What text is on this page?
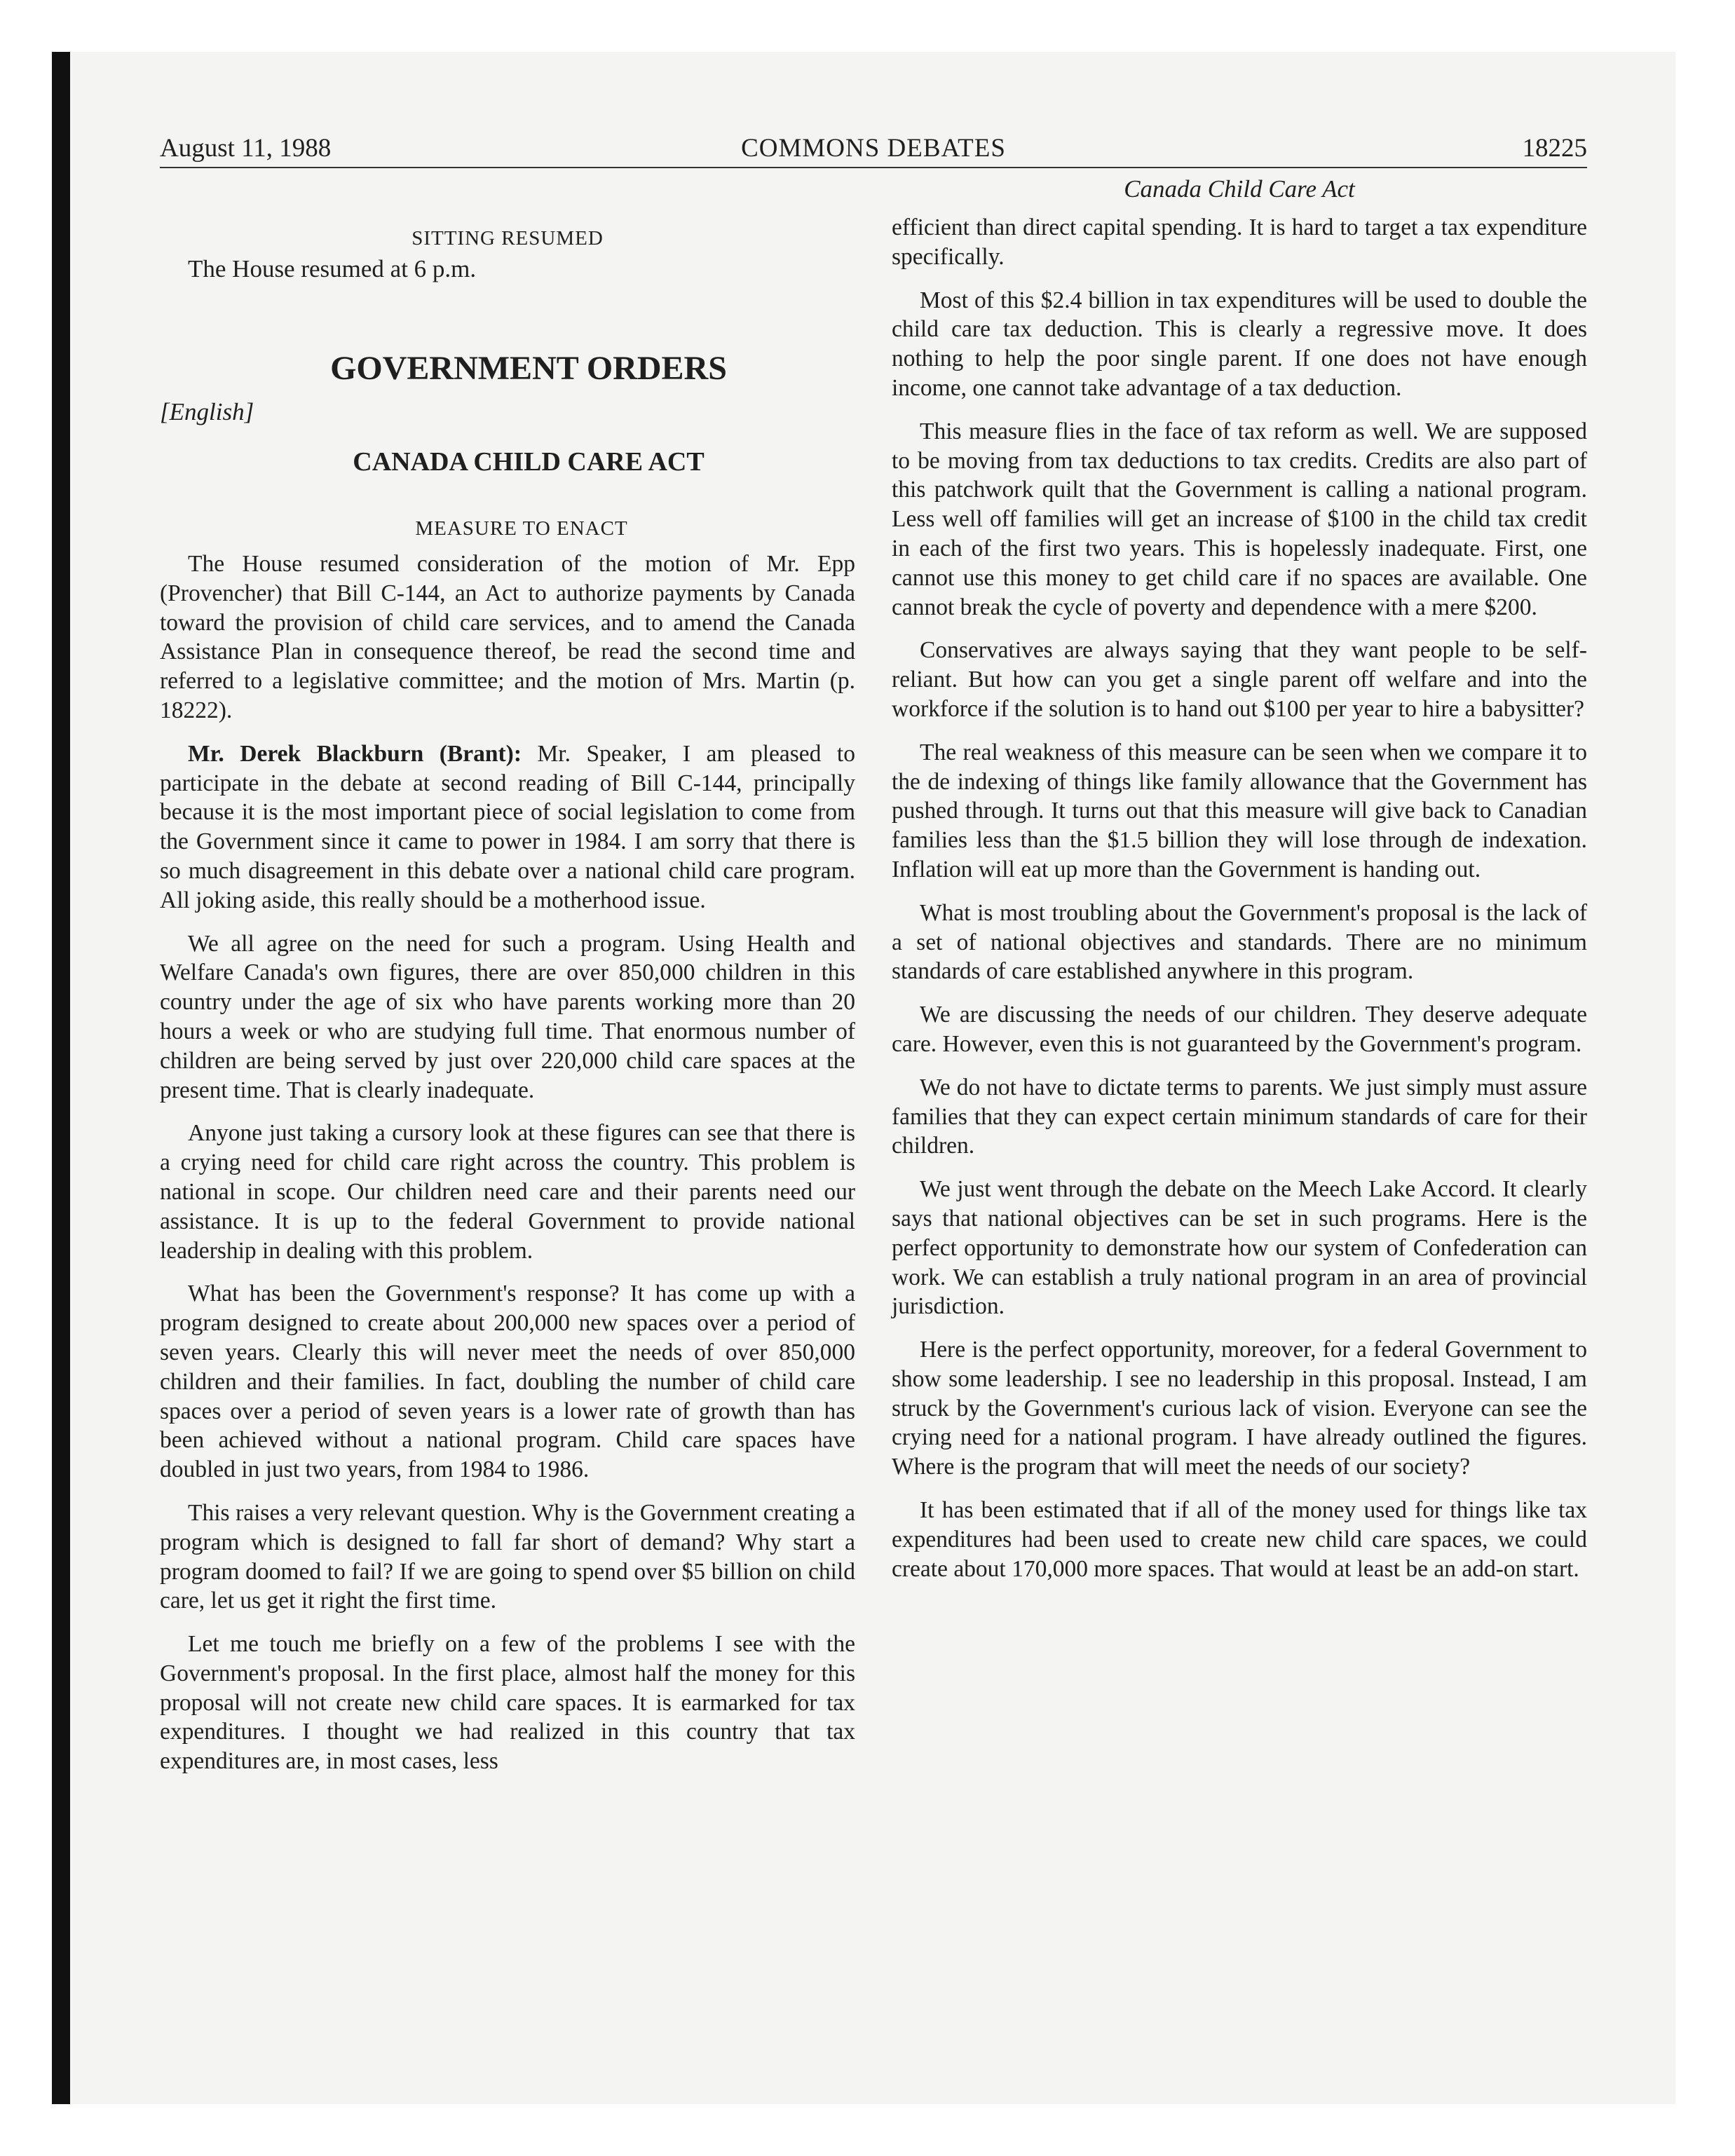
August 11, 1988	COMMONS DEBATES	18225
SITTING RESUMED
The House resumed at 6 p.m.
GOVERNMENT ORDERS
[English]
CANADA CHILD CARE ACT
MEASURE TO ENACT

The House resumed consideration of the motion of Mr. Epp (Provencher) that Bill C-144, an Act to authorize payments by Canada toward the provision of child care services, and to amend the Canada Assistance Plan in consequence thereof, be read the second time and referred to a legislative committee; and the motion of Mrs. Martin (p. 18222).

Mr. Derek Blackburn (Brant): Mr. Speaker, I am pleased to participate in the debate at second reading of Bill C-144, principally because it is the most important piece of social legislation to come from the Government since it came to power in 1984. I am sorry that there is so much disagreement in this debate over a national child care program. All joking aside, this really should be a motherhood issue.

We all agree on the need for such a program. Using Health and Welfare Canada's own figures, there are over 850,000 children in this country under the age of six who have parents working more than 20 hours a week or who are studying full time. That enormous number of children are being served by just over 220,000 child care spaces at the present time. That is clearly inadequate.

Anyone just taking a cursory look at these figures can see that there is a crying need for child care right across the country. This problem is national in scope. Our children need care and their parents need our assistance. It is up to the federal Government to provide national leadership in dealing with this problem.

What has been the Government's response? It has come up with a program designed to create about 200,000 new spaces over a period of seven years. Clearly this will never meet the needs of over 850,000 children and their families. In fact, doubling the number of child care spaces over a period of seven years is a lower rate of growth than has been achieved without a national program. Child care spaces have doubled in just two years, from 1984 to 1986.

This raises a very relevant question. Why is the Government creating a program which is designed to fall far short of demand? Why start a program doomed to fail? If we are going to spend over $5 billion on child care, let us get it right the first time.

Let me touch me briefly on a few of the problems I see with the Government's proposal. In the first place, almost half the money for this proposal will not create new child care spaces. It is earmarked for tax expenditures. I thought we had realized in this country that tax expenditures are, in most cases, less

Canada Child Care Act

efficient than direct capital spending. It is hard to target a tax expenditure specifically.

Most of this $2.4 billion in tax expenditures will be used to double the child care tax deduction. This is clearly a regressive move. It does nothing to help the poor single parent. If one does not have enough income, one cannot take advantage of a tax deduction.

This measure flies in the face of tax reform as well. We are supposed to be moving from tax deductions to tax credits. Credits are also part of this patchwork quilt that the Government is calling a national program. Less well off families will get an increase of $100 in the child tax credit in each of the first two years. This is hopelessly inadequate. First, one cannot use this money to get child care if no spaces are available. One cannot break the cycle of poverty and dependence with a mere $200.

Conservatives are always saying that they want people to be self-reliant. But how can you get a single parent off welfare and into the workforce if the solution is to hand out $100 per year to hire a babysitter?

The real weakness of this measure can be seen when we compare it to the de indexing of things like family allowance that the Government has pushed through. It turns out that this measure will give back to Canadian families less than the $1.5 billion they will lose through de indexation. Inflation will eat up more than the Government is handing out.

What is most troubling about the Government's proposal is the lack of a set of national objectives and standards. There are no minimum standards of care established anywhere in this program.

We are discussing the needs of our children. They deserve adequate care. However, even this is not guaranteed by the Government's program.

We do not have to dictate terms to parents. We just simply must assure families that they can expect certain minimum standards of care for their children.

We just went through the debate on the Meech Lake Accord. It clearly says that national objectives can be set in such programs. Here is the perfect opportunity to demonstrate how our system of Confederation can work. We can establish a truly national program in an area of provincial jurisdiction.

Here is the perfect opportunity, moreover, for a federal Government to show some leadership. I see no leadership in this proposal. Instead, I am struck by the Government's curious lack of vision. Everyone can see the crying need for a national program. I have already outlined the figures. Where is the program that will meet the needs of our society?

It has been estimated that if all of the money used for things like tax expenditures had been used to create new child care spaces, we could create about 170,000 more spaces. That would at least be an add-on start.
